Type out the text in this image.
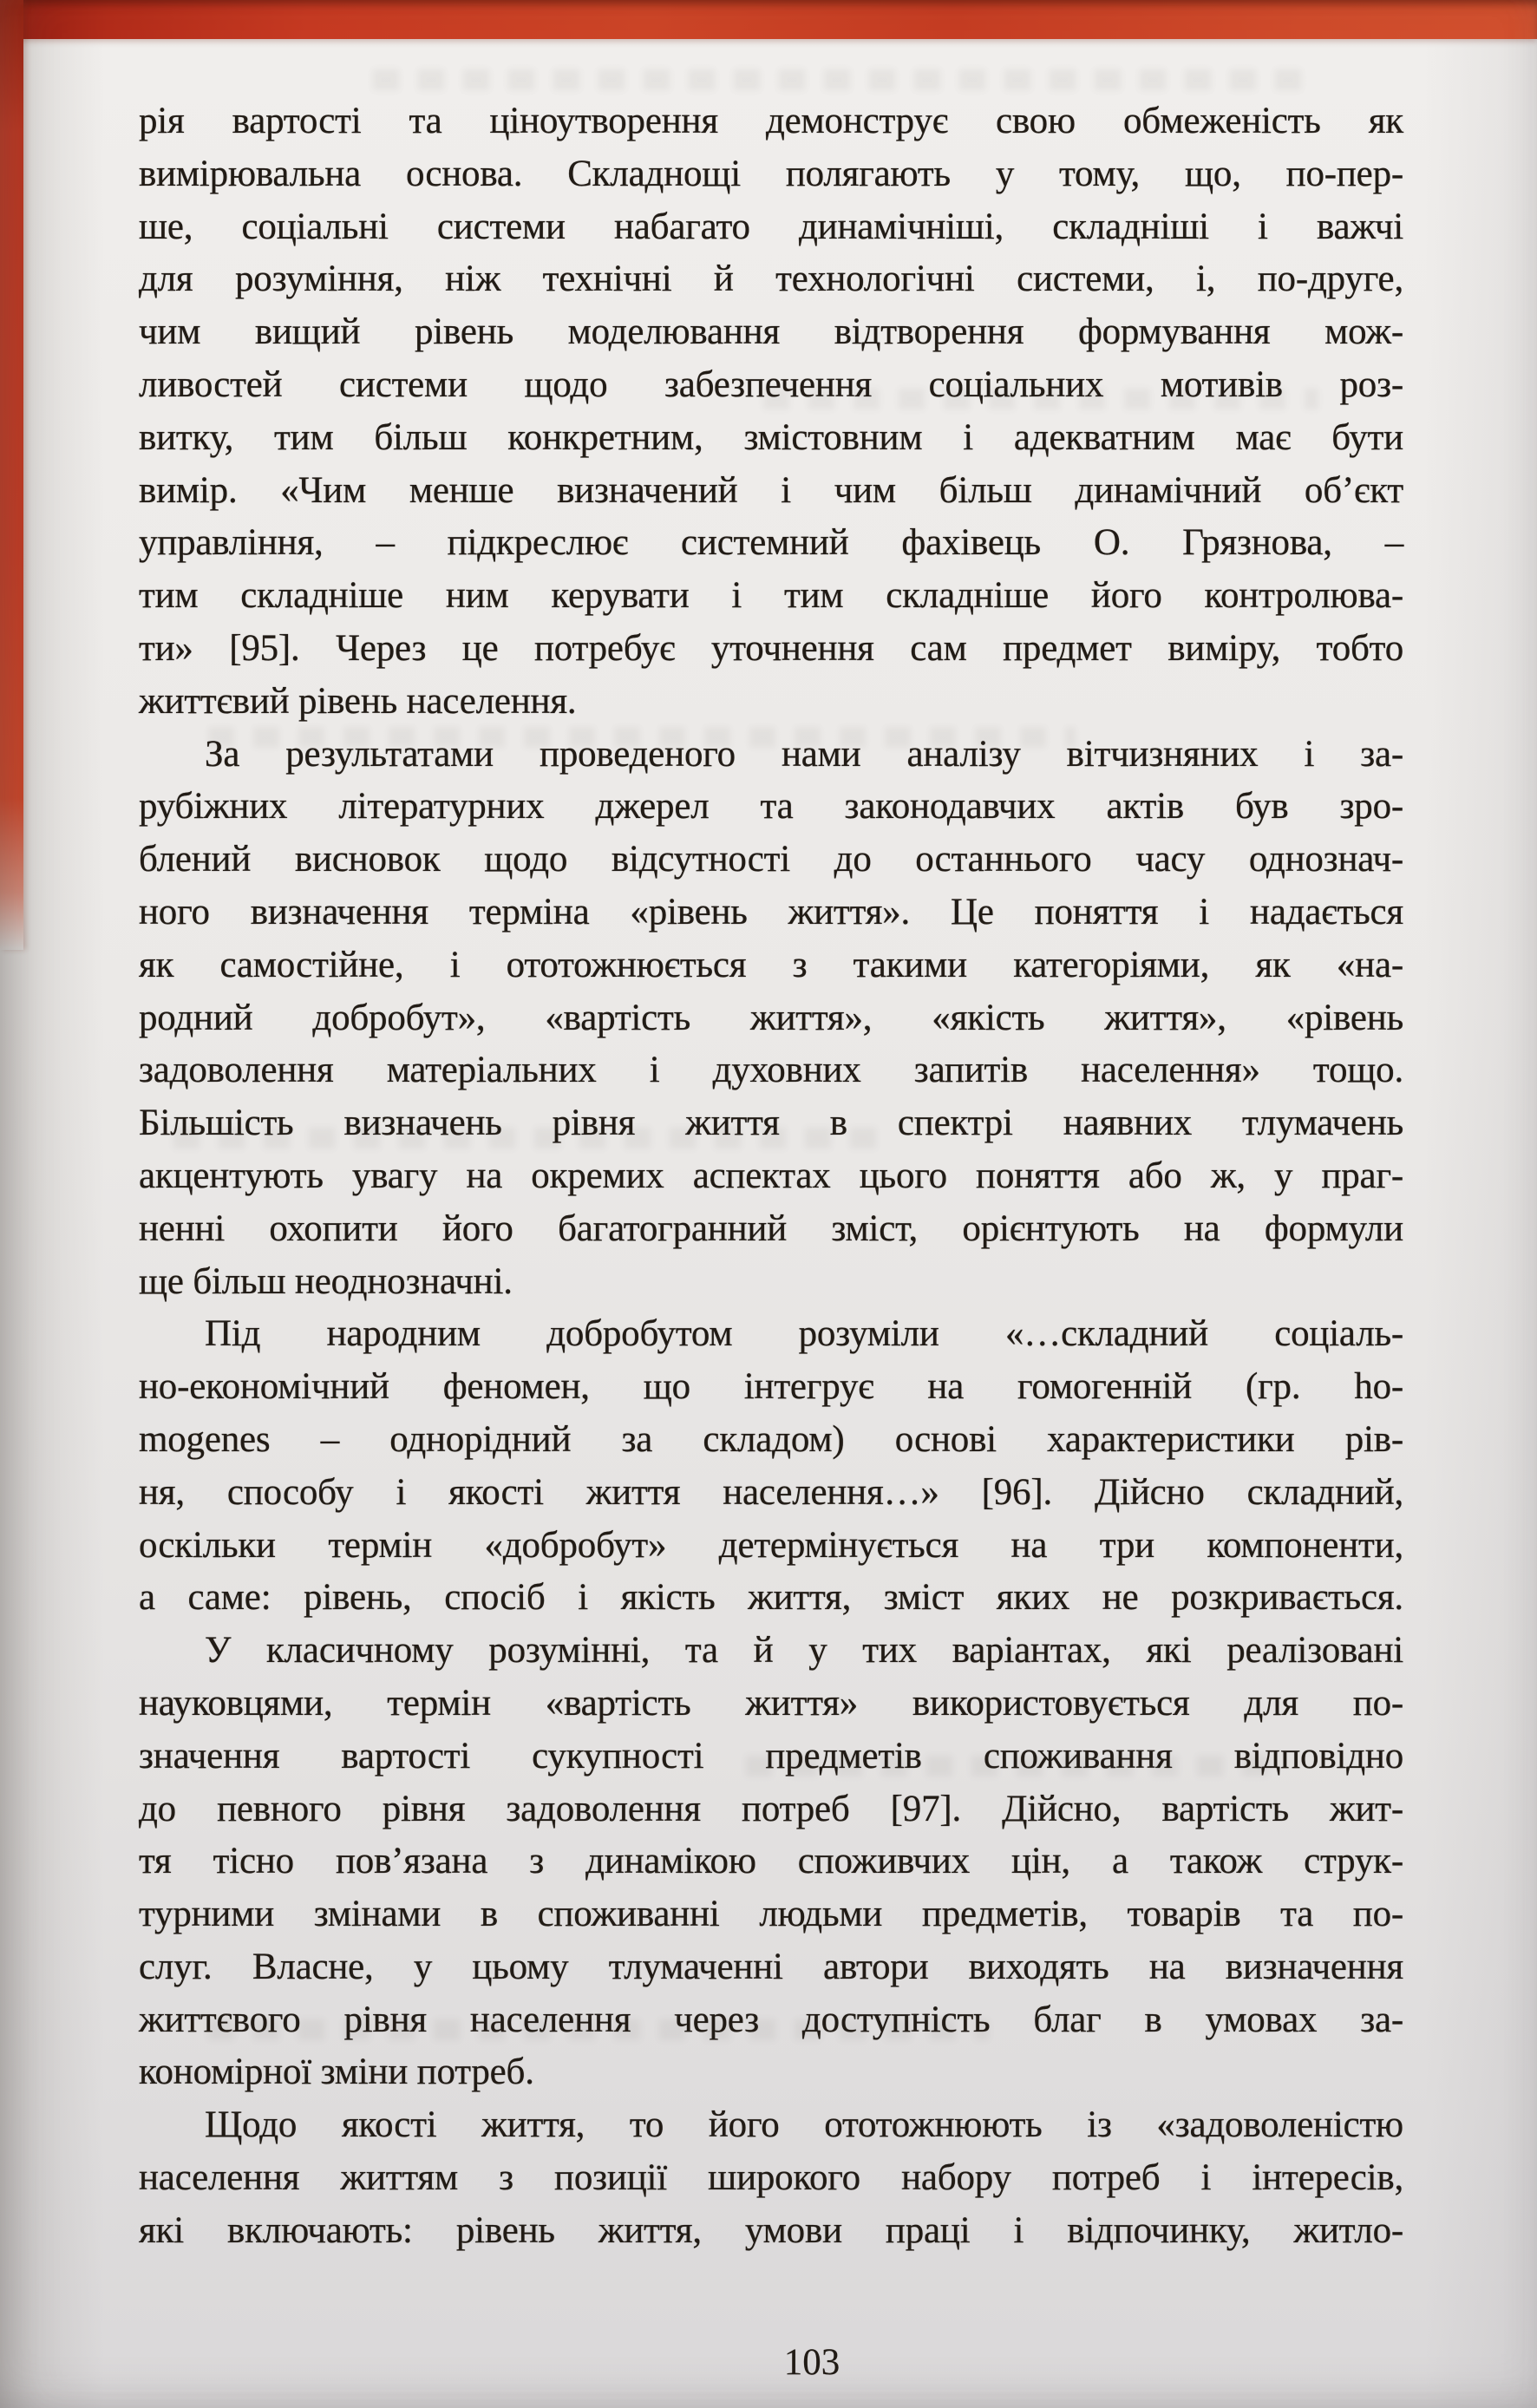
рія вартості та ціноутворення демонструє свою обмеженість як
вимірювальна основа. Складнощі полягають у тому, що, по-пер-
ше, соціальні системи набагато динамічніші, складніші і важчі
для розуміння, ніж технічні й технологічні системи, і, по-друге,
чим вищий рівень моделювання відтворення формування мож-
ливостей системи щодо забезпечення соціальних мотивів роз-
витку, тим більш конкретним, змістовним і адекватним має бути
вимір. «Чим менше визначений і чим більш динамічний об’єкт
управління, – підкреслює системний фахівець О. Грязнова, –
тим складніше ним керувати і тим складніше його контролюва-
ти» [95]. Через це потребує уточнення сам предмет виміру, тобто
життєвий рівень населення.
За результатами проведеного нами аналізу вітчизняних і за-
рубіжних літературних джерел та законодавчих актів був зро-
блений висновок щодо відсутності до останнього часу однознач-
ного визначення терміна «рівень життя». Це поняття і надається
як самостійне, і ототожнюється з такими категоріями, як «на-
родний добробут», «вартість життя», «якість життя», «рівень
задоволення матеріальних і духовних запитів населення» тощо.
Більшість визначень рівня життя в спектрі наявних тлумачень
акцентують увагу на окремих аспектах цього поняття або ж, у праг-
ненні охопити його багатогранний зміст, орієнтують на формули
ще більш неоднозначні.
Під народним добробутом розуміли «…складний соціаль-
но-економічний феномен, що інтегрує на гомогенній (гр. ho-
mogenes – однорідний за складом) основі характеристики рів-
ня, способу і якості життя населення…» [96]. Дійсно складний,
оскільки термін «добробут» детермінується на три компоненти,
а саме: рівень, спосіб і якість життя, зміст яких не розкривається.
У класичному розумінні, та й у тих варіантах, які реалізовані
науковцями, термін «вартість життя» використовується для по-
значення вартості сукупності предметів споживання відповідно
до певного рівня задоволення потреб [97]. Дійсно, вартість жит-
тя тісно пов’язана з динамікою споживчих цін, а також струк-
турними змінами в споживанні людьми предметів, товарів та по-
слуг. Власне, у цьому тлумаченні автори виходять на визначення
життєвого рівня населення через доступність благ в умовах за-
кономірної зміни потреб.
Щодо якості життя, то його ототожнюють із «задоволеністю
населення життям з позиції широкого набору потреб і інтересів,
які включають: рівень життя, умови праці і відпочинку, житло-
103
